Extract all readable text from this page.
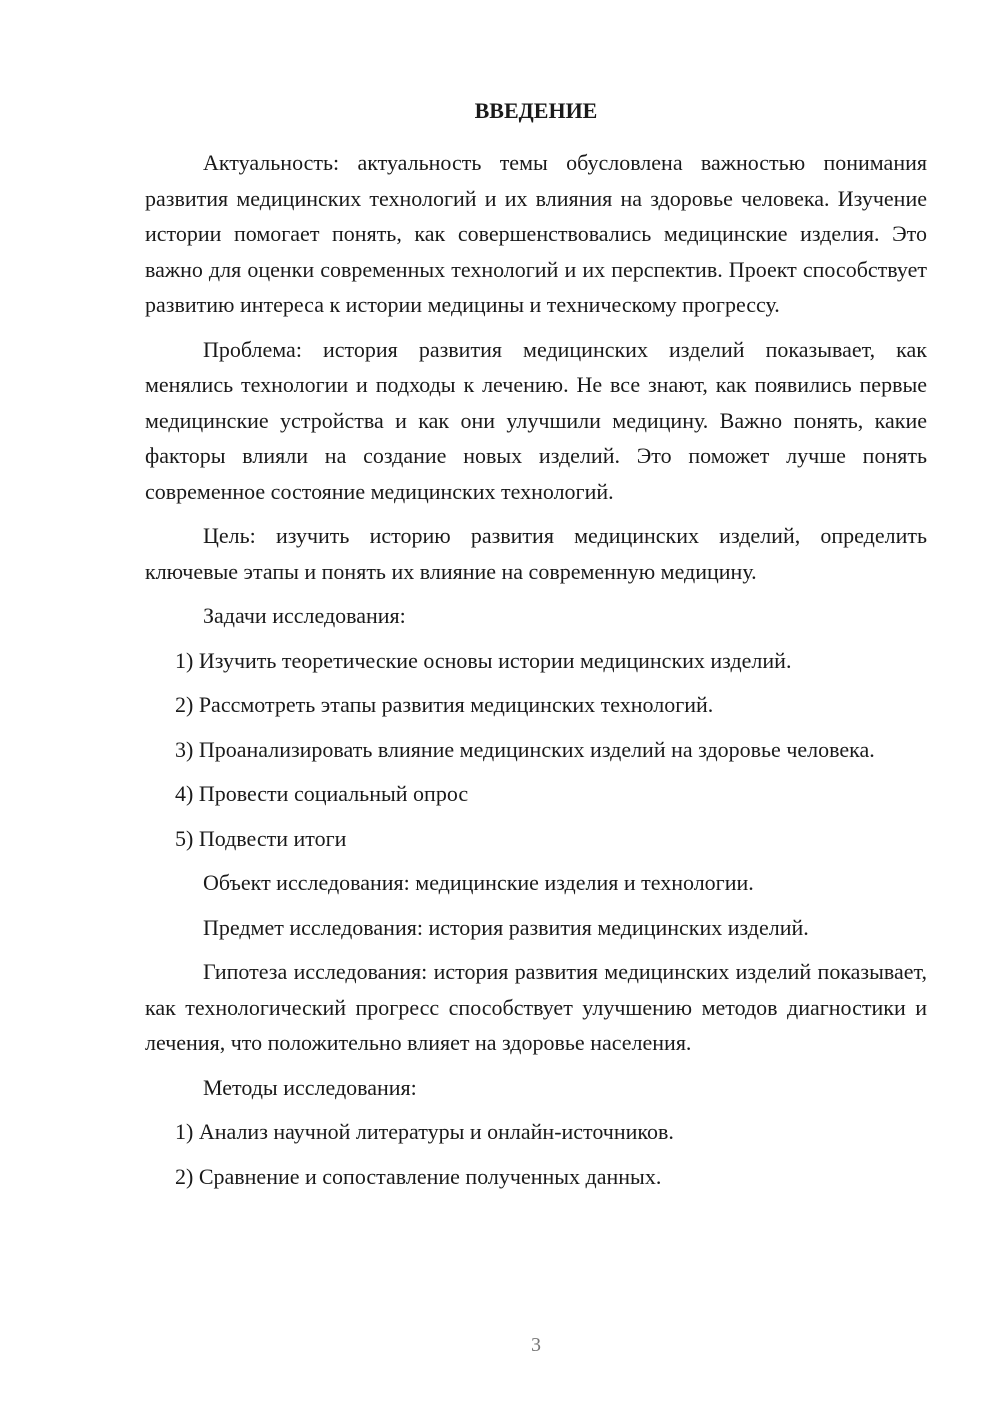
ВВЕДЕНИЕ
Актуальность: актуальность темы обусловлена важностью понимания развития медицинских технологий и их влияния на здоровье человека. Изучение истории помогает понять, как совершенствовались медицинские изделия. Это важно для оценки современных технологий и их перспектив. Проект способствует развитию интереса к истории медицины и техническому прогрессу.
Проблема: история развития медицинских изделий показывает, как менялись технологии и подходы к лечению. Не все знают, как появились первые медицинские устройства и как они улучшили медицину. Важно понять, какие факторы влияли на создание новых изделий. Это поможет лучше понять современное состояние медицинских технологий.
Цель: изучить историю развития медицинских изделий, определить ключевые этапы и понять их влияние на современную медицину.
Задачи исследования:
1) Изучить теоретические основы истории медицинских изделий.
2) Рассмотреть этапы развития медицинских технологий.
3) Проанализировать влияние медицинских изделий на здоровье человека.
4) Провести социальный опрос
5) Подвести итоги
Объект исследования: медицинские изделия и технологии.
Предмет исследования: история развития медицинских изделий.
Гипотеза исследования: история развития медицинских изделий показывает, как технологический прогресс способствует улучшению методов диагностики и лечения, что положительно влияет на здоровье населения.
Методы исследования:
1) Анализ научной литературы и онлайн-источников.
2) Сравнение и сопоставление полученных данных.
3
